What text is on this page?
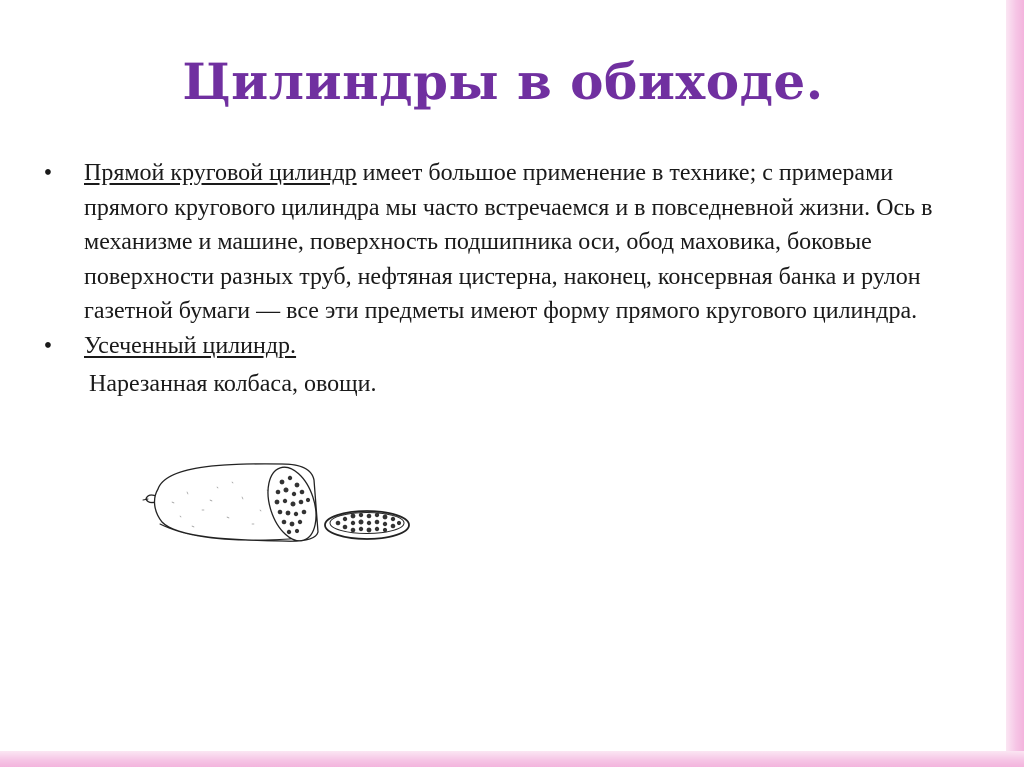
Цилиндры в обиходе.

• Прямой круговой цилиндр имеет большое применение в технике; с примерами прямого кругового цилиндра мы часто встречаемся и в повседневной жизни. Ось в механизме и машине, поверхность подшипника оси, обод маховика, боковые поверхности разных труб, нефтяная цистерна, наконец, консервная банка и рулон газетной бумаги — все эти предметы имеют форму прямого кругового цилиндра.

• Усеченный цилиндр.

Нарезанная колбаса, овощи.
